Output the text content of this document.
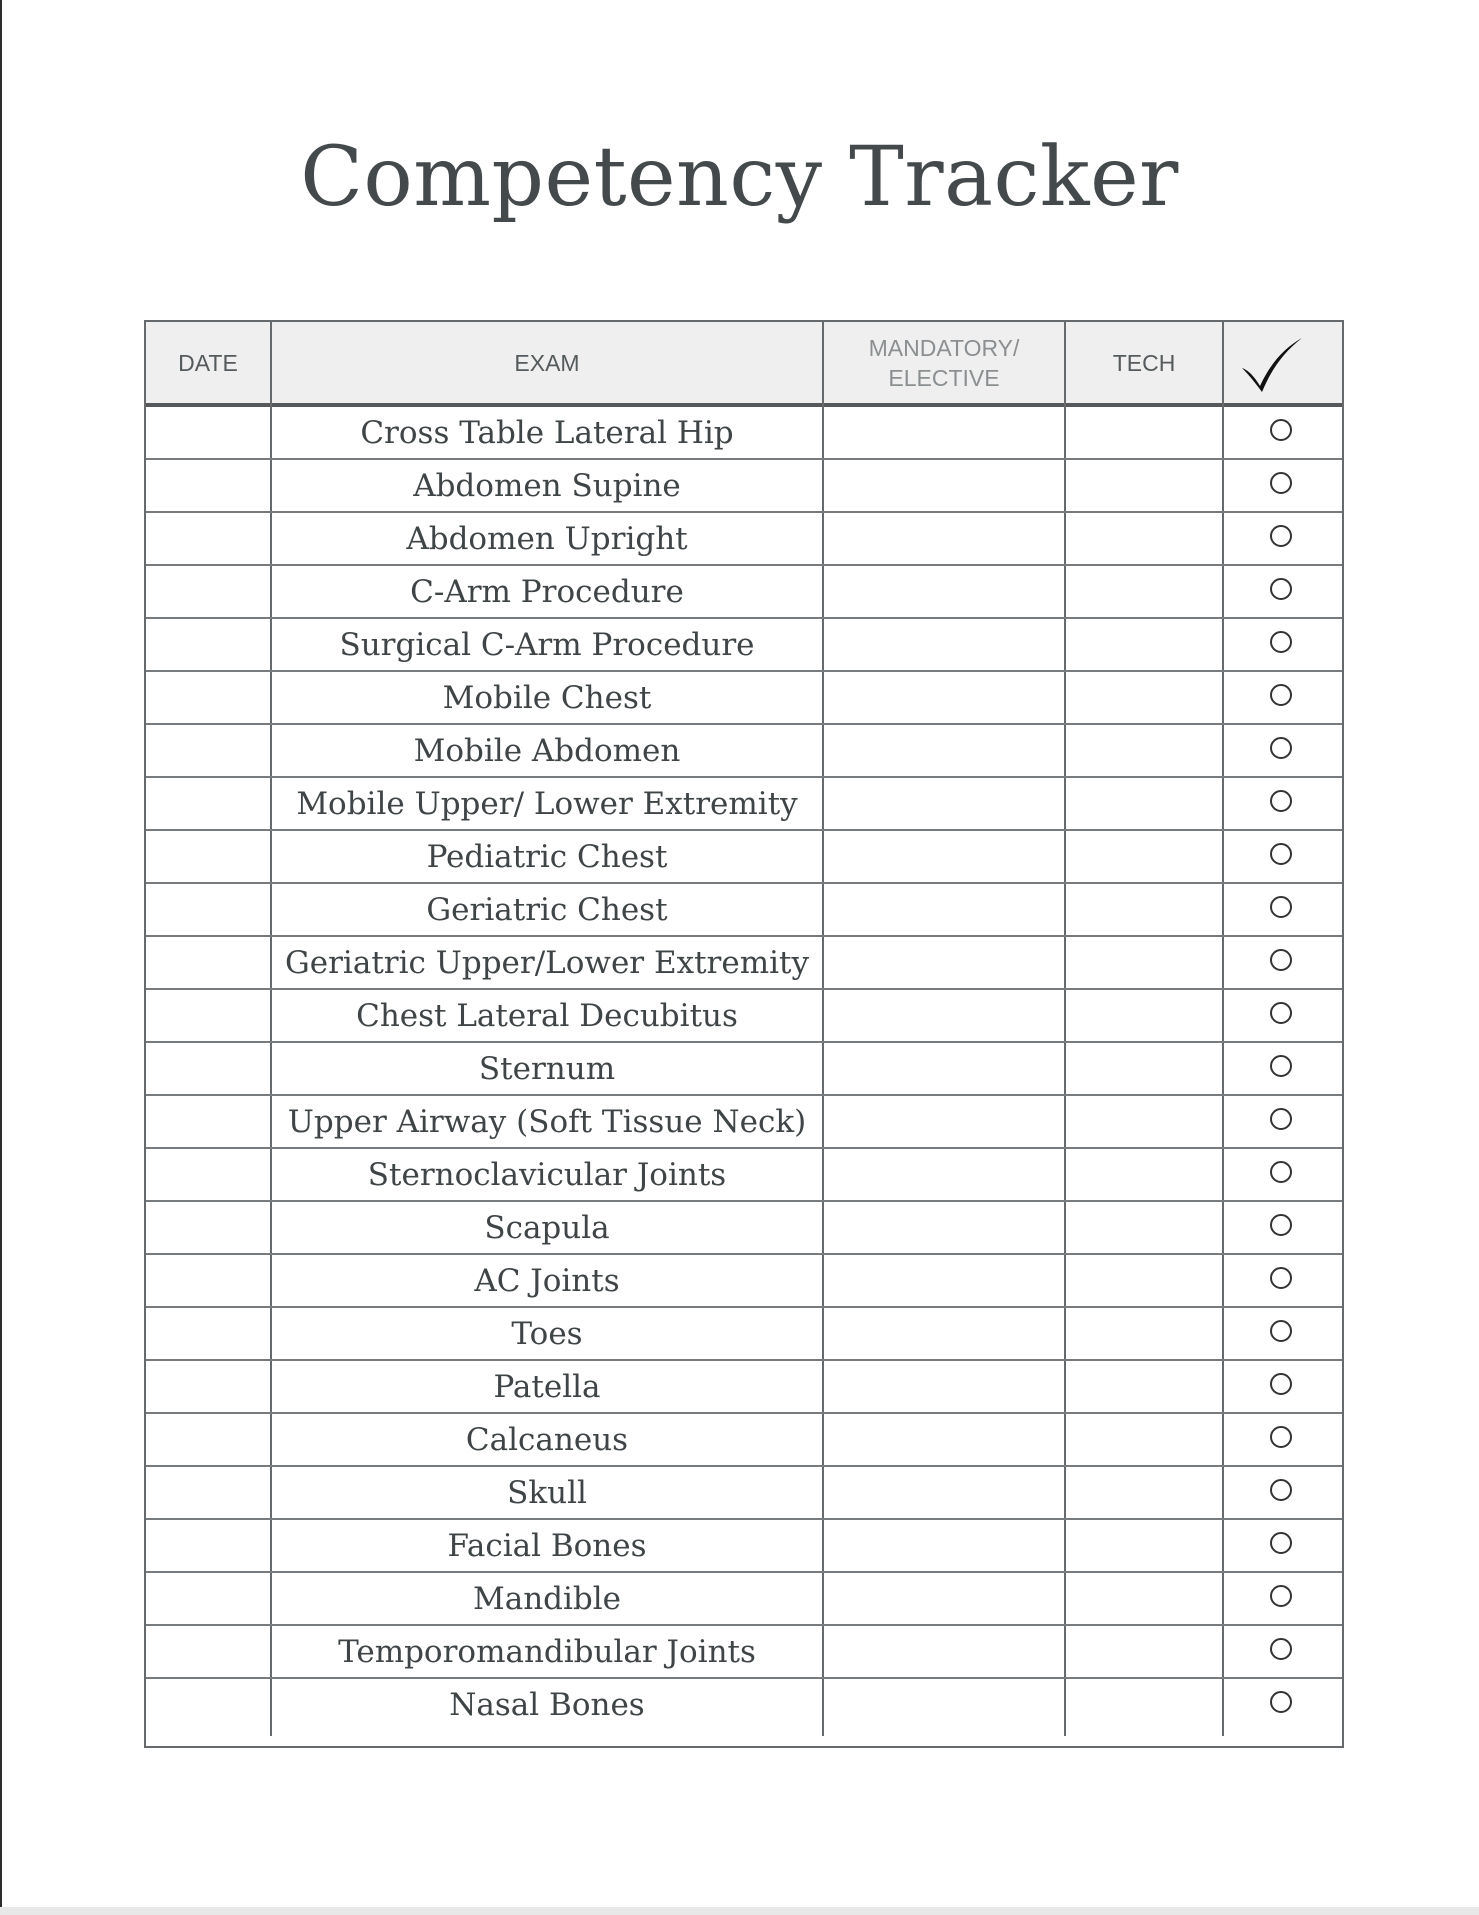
Competency Tracker
DATE	EXAM
MANDATORY/
ELECTIVE
TECH
Cross Table Lateral Hip
Abdomen Supine
Abdomen Upright
C-Arm Procedure
Surgical C-Arm Procedure
Mobile Chest
Mobile Abdomen
Mobile Upper/ Lower Extremity
Pediatric Chest
Geriatric Chest
Geriatric Upper/Lower Extremity
Chest Lateral Decubitus
Sternum
Upper Airway (Soft Tissue Neck)
Sternoclavicular Joints
Scapula
AC Joints
Toes
Patella
Calcaneus
Skull
Facial Bones
Mandible
Temporomandibular Joints
Nasal Bones
